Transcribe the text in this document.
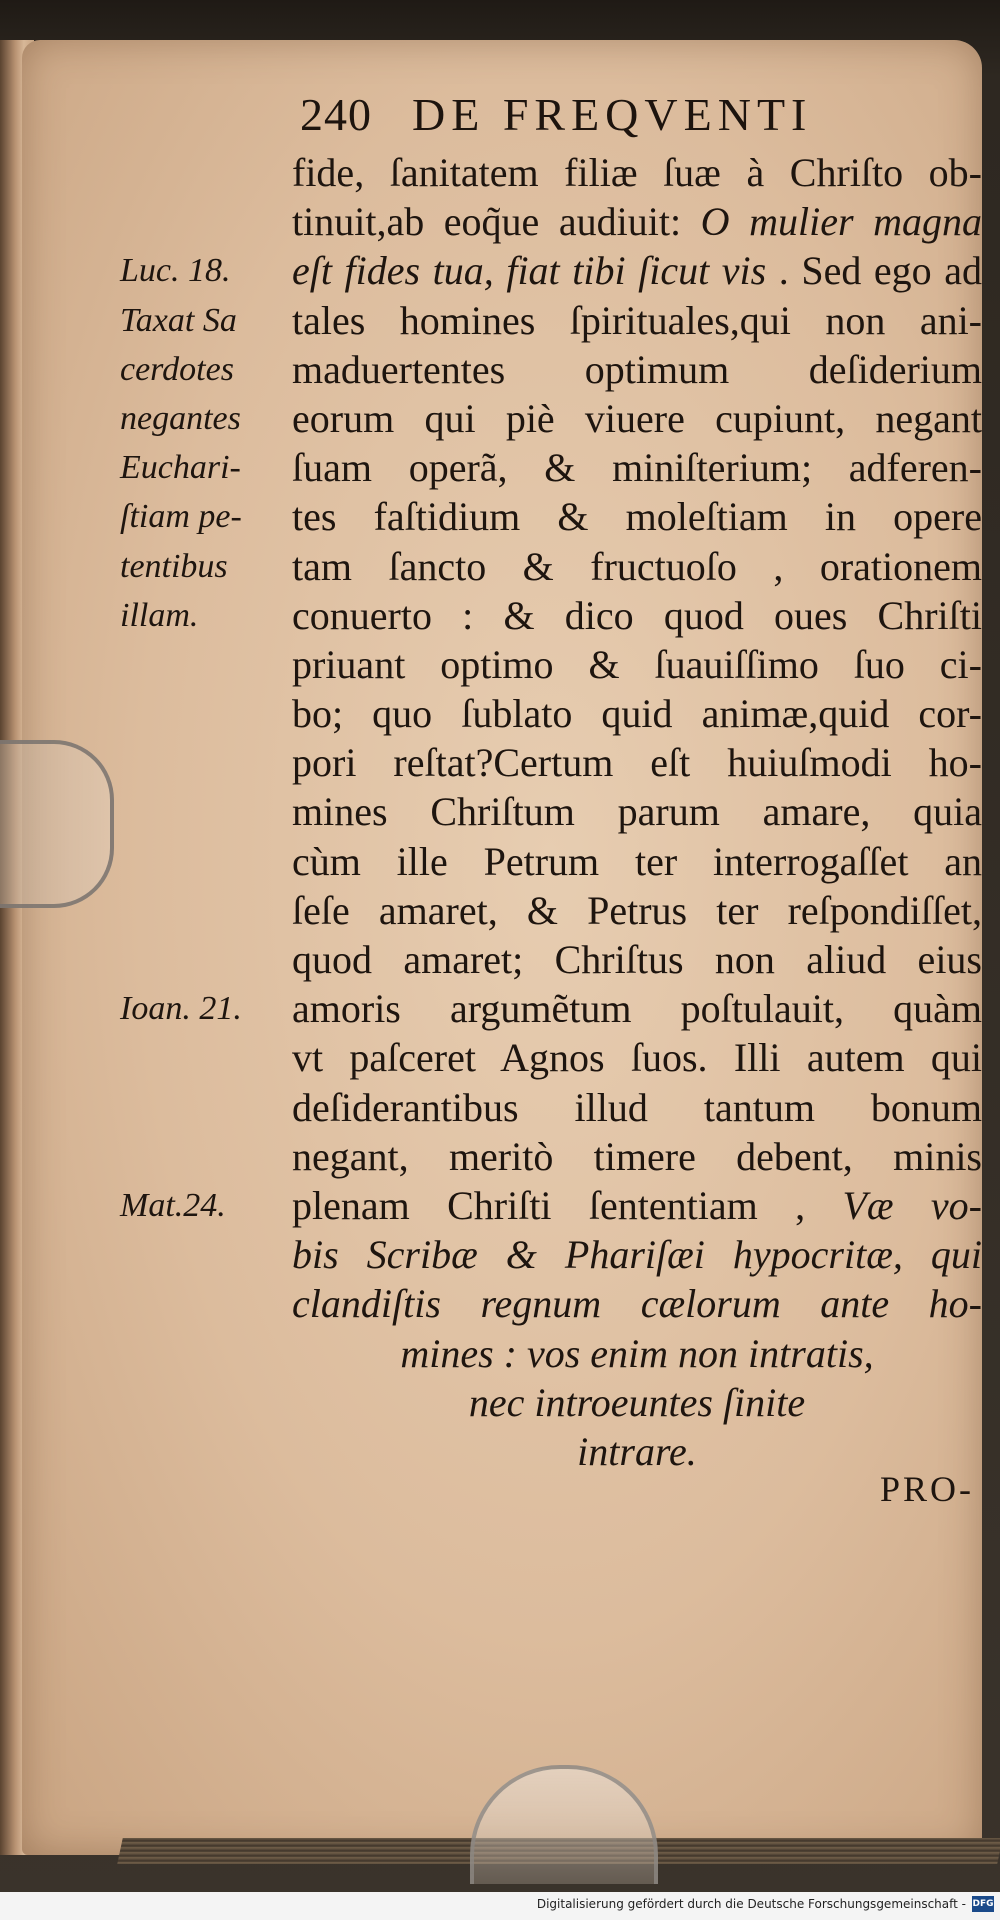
240 DE FREQVENTI
Luc. 18.
Taxat Sa
cerdotes
negantes
Euchari-
ſtiam pe-
tentibus
illam.
Ioan. 21.
Mat.24.
fide, ſanitatem filiæ ſuæ à Chriſto ob-
tinuit,ab eoq̃ue audiuit: O mulier magna
eſt fides tua, fiat tibi ſicut vis . Sed ego ad
tales homines ſpirituales,qui non ani-
maduertentes optimum deſiderium
eorum qui piè viuere cupiunt, negant
ſuam operã, & miniſterium; adferen-
tes faſtidium & moleſtiam in opere
tam ſancto & fructuoſo , orationem
conuerto : & dico quod oues Chriſti
priuant optimo & ſuauiſſimo ſuo ci-
bo; quo ſublato quid animæ,quid cor-
pori reſtat?Certum eſt huiuſmodi ho-
mines Chriſtum parum amare, quia
cùm ille Petrum ter interrogaſſet an
ſeſe amaret, & Petrus ter reſpondiſſet,
quod amaret; Chriſtus non aliud eius
amoris argumẽtum poſtulauit, quàm
vt paſceret Agnos ſuos. Illi autem qui
deſiderantibus illud tantum bonum
negant, meritò timere debent, minis
plenam Chriſti ſententiam , Væ vo-
bis Scribæ & Phariſæi hypocritæ, qui
clandiſtis regnum cælorum ante ho-
mines : vos enim non intratis,
nec introeuntes ſinite
intrare.
PRO-
Digitalisierung gefördert durch die Deutsche Forschungsgemeinschaft - DFG
